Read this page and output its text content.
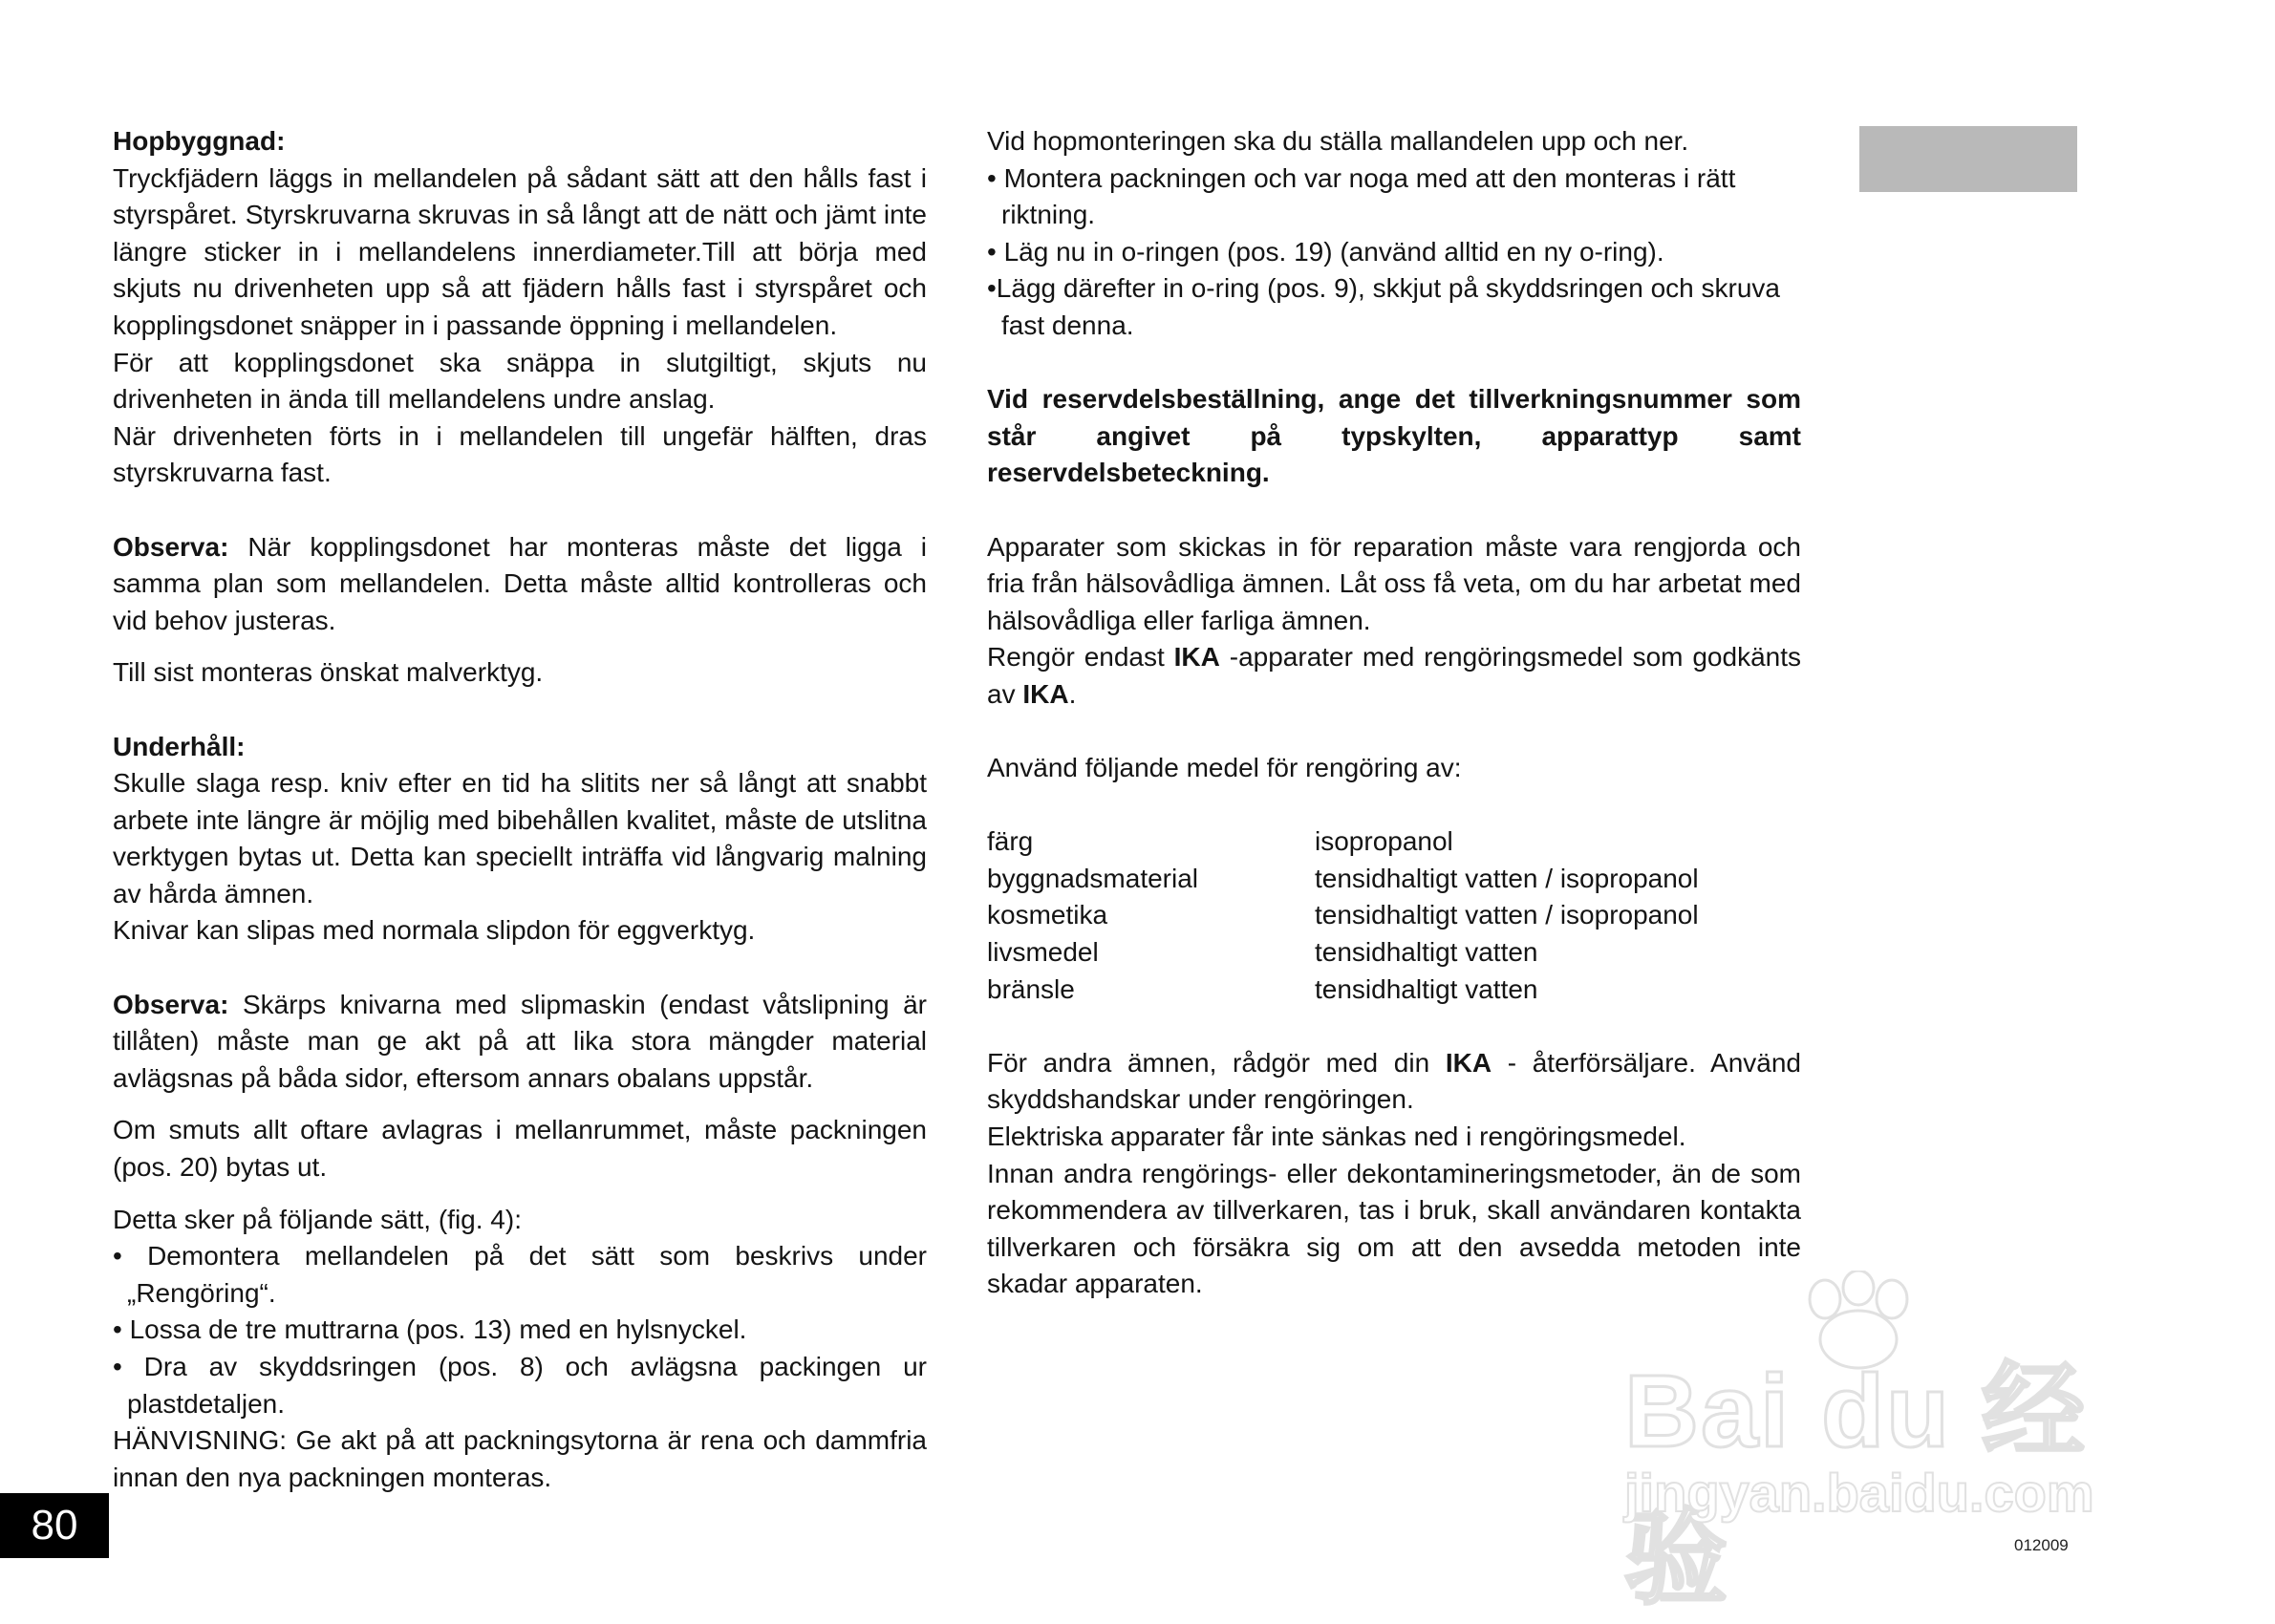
Hopbyggnad:

Tryckfjädern läggs in mellandelen på sådant sätt att den hålls fast i styrspåret. Styrskruvarna skruvas in så långt att de nätt och jämt inte längre sticker in i mellandelens innerdiameter.Till att börja med skjuts nu drivenheten upp så att fjädern hålls fast i styrspåret och kopplingsdonet snäpper in i passande öppning i mellandelen.

För att kopplingsdonet ska snäppa in slutgiltigt, skjuts nu drivenheten in ända till mellandelens undre anslag.

När drivenheten förts in i mellandelen till ungefär hälften, dras styrskruvarna fast.

Observa: När kopplingsdonet har monteras måste det ligga i samma plan som mellandelen. Detta måste alltid kontrolleras och vid behov justeras.

Till sist monteras önskat malverktyg.

Underhåll:

Skulle slaga resp. kniv efter en tid ha slitits ner så långt att snabbt arbete inte längre är möjlig med bibehållen kvalitet, måste de utslitna verktygen bytas ut. Detta kan speciellt inträffa vid långvarig malning av hårda ämnen.

Knivar kan slipas med normala slipdon för eggverktyg.

Observa: Skärps knivarna med slipmaskin (endast våtslipning är tillåten) måste man ge akt på att lika stora mängder material avlägsnas på båda sidor, eftersom annars obalans uppstår.

Om smuts allt oftare avlagras i mellanrummet, måste packningen (pos. 20) bytas ut.

Detta sker på följande sätt, (fig. 4):

• Demontera mellandelen på det sätt som beskrivs under „Rengöring“.

• Lossa de tre muttrarna (pos. 13) med en hylsnyckel.

• Dra av skyddsringen (pos. 8) och avlägsna packingen ur plastdetaljen.

HÄNVISNING: Ge akt på att packningsytorna är rena och dammfria innan den nya packningen monteras.

Vid hopmonteringen ska du ställa mallandelen upp och ner.

• Montera packningen och var noga med att den monteras i rätt riktning.

• Läg nu in o-ringen (pos. 19) (använd alltid en ny o-ring).

•Lägg därefter in o-ring (pos. 9), skkjut på skyddsringen och skruva fast denna.

Vid reservdelsbeställning, ange det tillverkningsnummer som står angivet på typskylten, apparattyp samt reservdelsbeteckning.

Apparater som skickas in för reparation måste vara rengjorda och fria från hälsovådliga ämnen. Låt oss få veta, om du har arbetat med hälsovådliga eller farliga ämnen.

Rengör endast IKA -apparater med rengöringsmedel som godkänts av IKA.

Använd följande medel för rengöring av:

färg	isopropanol
byggnadsmaterial	tensidhaltigt vatten / isopropanol
kosmetika	tensidhaltigt vatten / isopropanol
livsmedel	tensidhaltigt vatten
bränsle	tensidhaltigt vatten

För andra ämnen, rådgör med din IKA - återförsäljare. Använd skyddshandskar under rengöringen.

Elektriska apparater får inte sänkas ned i rengöringsmedel.

Innan andra rengörings- eller dekontamineringsmetoder, än de som rekommendera av tillverkaren, tas i bruk, skall användaren kontakta tillverkaren och försäkra sig om att den avsedda metoden inte skadar apparaten.

Bai du 经验
jingyan.baidu.com
80	012009
